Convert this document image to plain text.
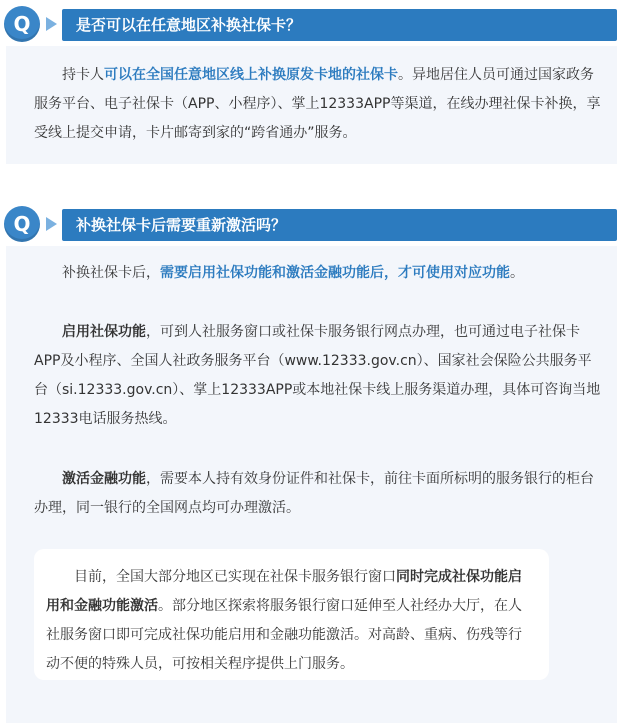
Q	是否可以在任意地区补换社保卡？

持卡人可以在全国任意地区线上补换原发卡地的社保卡。异地居住人员可通过国家政务服务平台、电子社保卡（APP、小程序）、掌上12333APP等渠道，在线办理社保卡补换，享受线上提交申请，卡片邮寄到家的“跨省通办”服务。

Q	补换社保卡后需要重新激活吗？

补换社保卡后，需要启用社保功能和激活金融功能后，才可使用对应功能。

启用社保功能，可到人社服务窗口或社保卡服务银行网点办理，也可通过电子社保卡APP及小程序、全国人社政务服务平台（www.12333.gov.cn）、国家社会保险公共服务平台（si.12333.gov.cn）、掌上12333APP或本地社保卡线上服务渠道办理，具体可咨询当地12333电话服务热线。

激活金融功能，需要本人持有效身份证件和社保卡，前往卡面所标明的服务银行的柜台办理，同一银行的全国网点均可办理激活。

目前，全国大部分地区已实现在社保卡服务银行窗口同时完成社保功能启用和金融功能激活。部分地区探索将服务银行窗口延伸至人社经办大厅，在人社服务窗口即可完成社保功能启用和金融功能激活。对高龄、重病、伤残等行动不便的特殊人员，可按相关程序提供上门服务。
